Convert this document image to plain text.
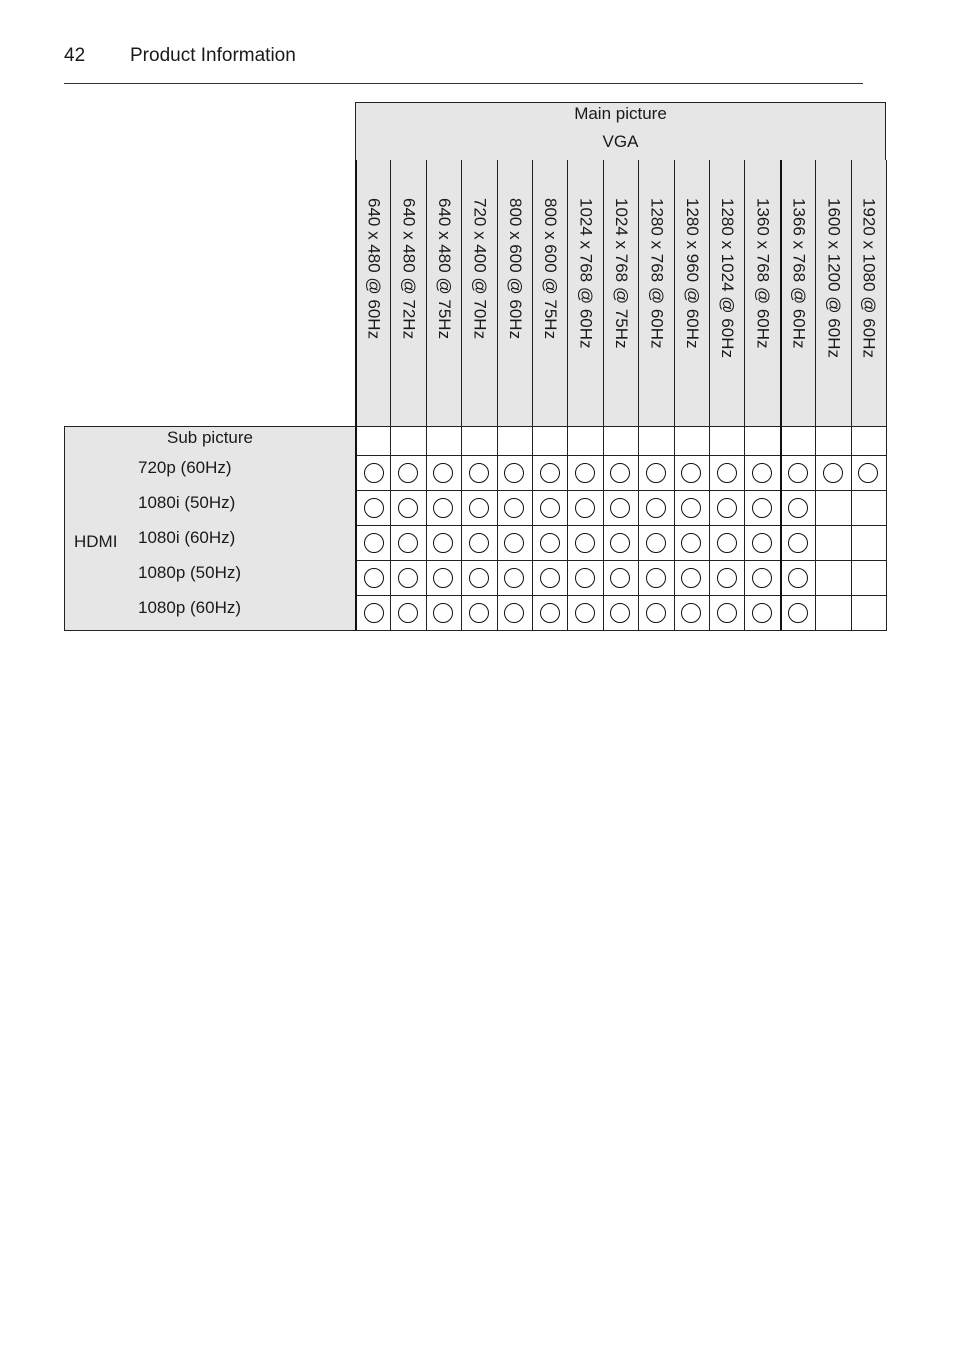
42 Product Information
Main picture
VGA
640 x 480 @ 60Hz 640 x 480 @ 72Hz 640 x 480 @ 75Hz 720 x 400 @ 70Hz 800 x 600 @ 60Hz 800 x 600 @ 75Hz 1024 x 768 @ 60Hz 1024 x 768 @ 75Hz 1280 x 768 @ 60Hz 1280 x 960 @ 60Hz 1280 x 1024 @ 60Hz 1360 x 768 @ 60Hz 1366 x 768 @ 60Hz 1600 x 1200 @ 60Hz 1920 x 1080 @ 60Hz
Sub picture
HDMI
720p (60Hz)
1080i (50Hz)
1080i (60Hz)
1080p (50Hz)
1080p (60Hz)
